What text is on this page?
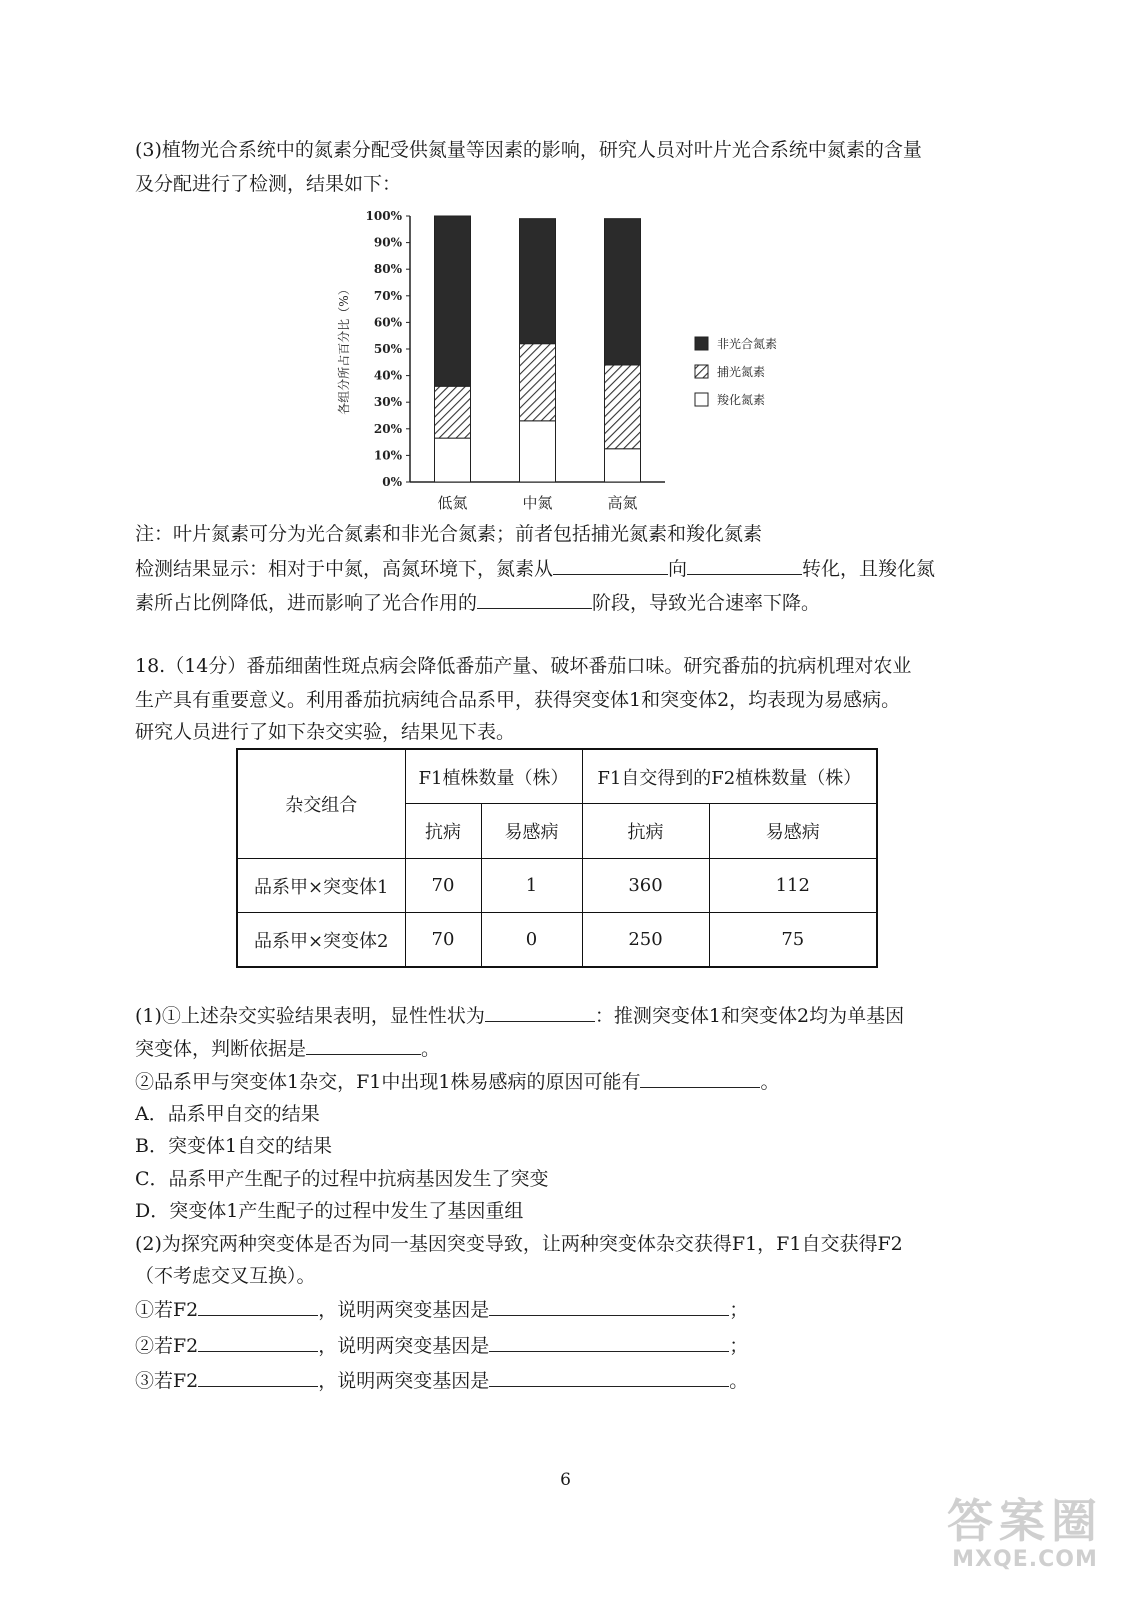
(3)植物光合系统中的氮素分配受供氮量等因素的影响，研究人员对叶片光合系统中氮素的含量
及分配进行了检测，结果如下：
0%
10%
20%
30%
40%
50%
60%
70%
80%
90%
100%
各组分所占百分比（%）
低氮	中氮	高氮
非光合氮素
捕光氮素
羧化氮素
注：叶片氮素可分为光合氮素和非光合氮素；前者包括捕光氮素和羧化氮素
检测结果显示：相对于中氮，高氮环境下，氮素从	向	转化，且羧化氮
素所占比例降低，进而影响了光合作用的	阶段，导致光合速率下降。
18.（14分）番茄细菌性斑点病会降低番茄产量、破坏番茄口味。研究番茄的抗病机理对农业
生产具有重要意义。利用番茄抗病纯合品系甲，获得突变体1和突变体2，均表现为易感病。
研究人员进行了如下杂交实验，结果见下表。
杂交组合	F1植株数量（株）		F1自交得到的F2植株数量（株）	
	抗病	易感病	抗病	易感病
品系甲×突变体1	70	1	360	112
品系甲×突变体2	70	0	250	75
(1)①上述杂交实验结果表明，显性性状为	：推测突变体1和突变体2均为单基因
突变体，判断依据是	。
②品系甲与突变体1杂交，F1中出现1株易感病的原因可能有	。
A．品系甲自交的结果
B．突变体1自交的结果
C．品系甲产生配子的过程中抗病基因发生了突变
D．突变体1产生配子的过程中发生了基因重组
(2)为探究两种突变体是否为同一基因突变导致，让两种突变体杂交获得F1，F1自交获得F2
（不考虑交叉互换）。
①若F2	，说明两突变基因是	；
②若F2	，说明两突变基因是	；
③若F2	，说明两突变基因是	。
6
答案圈
MXQE.COM
